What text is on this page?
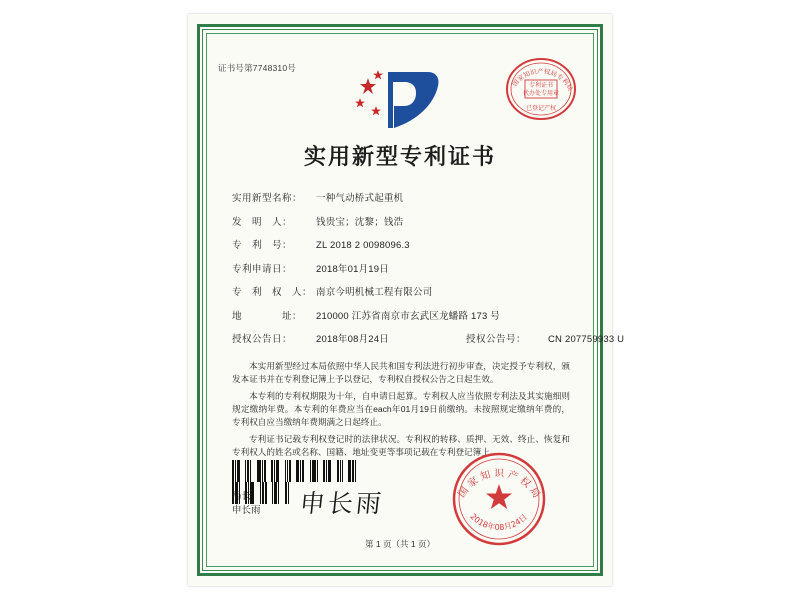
证书号第7748310号
国家知识产权局专利局
专利证书
代办处专用章
已登记产权
实用新型专利证书
实用新型名称：	一种气动桥式起重机
发　明　人：	钱贵宝；沈黎；钱浩
专　利　号：	ZL 2018 2 0098096.3
专利申请日：	2018年01月19日
专　利　权　人： 南京今明机械工程有限公司
地　　　　址：	210000 江苏省南京市玄武区龙蟠路 173 号
授权公告日：	2018年08月24日	授权公告号：	CN 207759933 U

本实用新型经过本局依照中华人民共和国专利法进行初步审查，决定授予专利权，颁发本证书并在专利登记簿上予以登记，专利权自授权公告之日起生效。

本专利的专利权期限为十年，自申请日起算。专利权人应当依照专利法及其实施细则规定缴纳年费。本专利的年费应当在each年01月19日前缴纳。未按照规定缴纳年费的，专利权自应当缴纳年费期满之日起终止。

专利证书记载专利权登记时的法律状况。专利权的转移、质押、无效、终止、恢复和专利权人的姓名或名称、国籍、地址变更等事项记载在专利登记簿上。

局长
申长雨 申长雨	国家知识产权局
2018年08月24日
第 1 页（共 1 页）
